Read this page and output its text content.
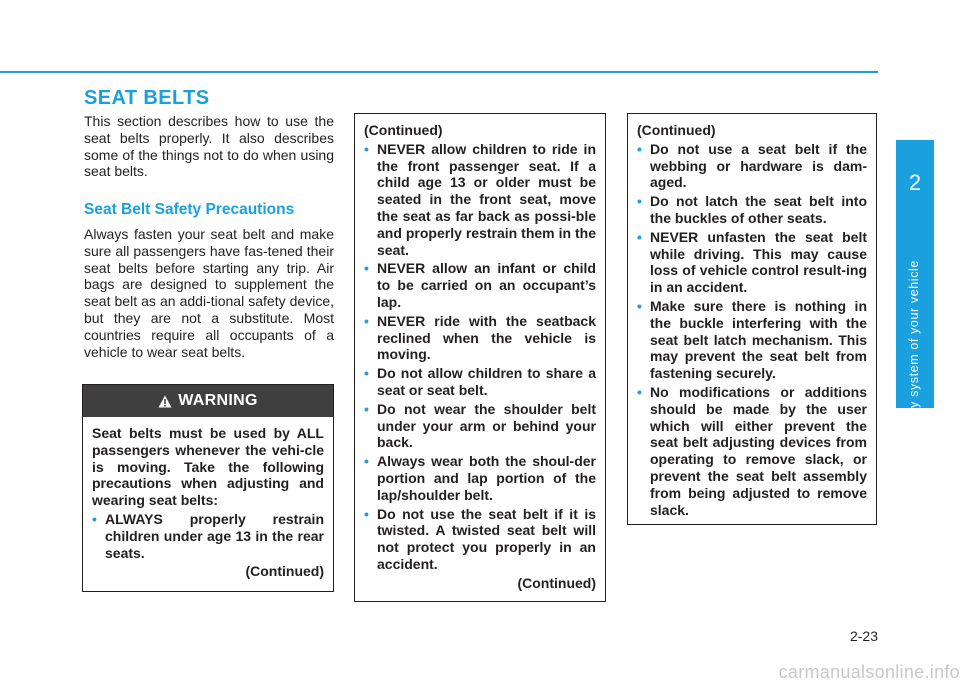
2
Safety system of your vehicle
SEAT BELTS
This section describes how to use the seat belts properly. It also describes some of the things not to do when using seat belts.
Seat Belt Safety Precautions
Always fasten your seat belt and make sure all passengers have fas-tened their seat belts before starting any trip. Air bags are designed to supplement the seat belt as an addi-tional safety device, but they are not a substitute. Most countries require all occupants of a vehicle to wear seat belts.
WARNING
Seat belts must be used by ALL passengers whenever the vehi-cle is moving. Take the following precautions when adjusting and wearing seat belts:
• ALWAYS properly restrain children under age 13 in the rear seats.
(Continued)
(Continued)
• NEVER allow children to ride in the front passenger seat. If a child age 13 or older must be seated in the front seat, move the seat as far back as possi-ble and properly restrain them in the seat.
• NEVER allow an infant or child to be carried on an occupant’s lap.
• NEVER ride with the seatback reclined when the vehicle is moving.
• Do not allow children to share a seat or seat belt.
• Do not wear the shoulder belt under your arm or behind your back.
• Always wear both the shoul-der portion and lap portion of the lap/shoulder belt.
• Do not use the seat belt if it is twisted. A twisted seat belt will not protect you properly in an accident.
(Continued)
(Continued)
• Do not use a seat belt if the webbing or hardware is dam-aged.
• Do not latch the seat belt into the buckles of other seats.
• NEVER unfasten the seat belt while driving. This may cause loss of vehicle control result-ing in an accident.
• Make sure there is nothing in the buckle interfering with the seat belt latch mechanism. This may prevent the seat belt from fastening securely.
• No modifications or additions should be made by the user which will either prevent the seat belt adjusting devices from operating to remove slack, or prevent the seat belt assembly from being adjusted to remove slack.
2-23
carmanualsonline.info
